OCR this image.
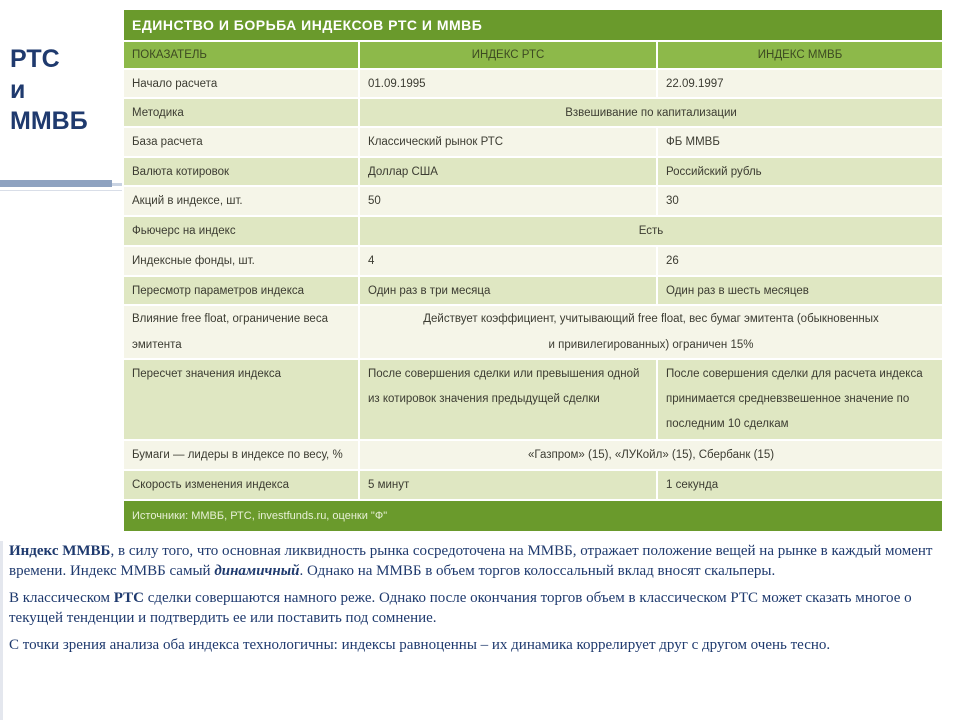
РТС
и
ММВБ
ЕДИНСТВО И БОРЬБА ИНДЕКСОВ РТС И ММВБ		
ПОКАЗАТЕЛЬ	ИНДЕКС РТС	ИНДЕКС ММВБ
Начало расчета	01.09.1995	22.09.1997
Методика	Взвешивание по капитализации	
База расчета	Классический рынок РТС	ФБ ММВБ
Валюта котировок	Доллар США	Российский рубль
Акций в индексе, шт.	50	30
Фьючерс на индекс	Есть	
Индексные фонды, шт.	4	26
Пересмотр параметров индекса	Один раз в три месяца	Один раз в шесть месяцев
Влияние free float, ограничение веса эмитента	Действует коэффициент, учитывающий free float, вес бумаг эмитента (обыкновенных и привилегированных) ограничен 15%	
Пересчет значения индекса	После совершения сделки или превышения одной из котировок значения предыдущей сделки	После совершения сделки для расчета индекса принимается средневзвешенное значение по последним 10 сделкам
Бумаги — лидеры в индексе по весу, %	«Газпром» (15), «ЛУКойл» (15), Сбербанк (15)	
Скорость изменения индекса	5 минут	1 секунда
Источники: ММВБ, РТС, investfunds.ru, оценки "Ф"		

Индекс ММВБ, в силу того, что основная ликвидность рынка сосредоточена на ММВБ, отражает положение вещей на рынке в каждый момент времени. Индекс ММВБ самый динамичный. Однако на ММВБ в объем торгов колоссальный вклад вносят скальперы.

В классическом РТС сделки совершаются намного реже. Однако после окончания торгов объем в классическом РТС может сказать многое о текущей тенденции и подтвердить ее или поставить под сомнение.

С точки зрения анализа оба индекса технологичны: индексы равноценны – их динамика коррелирует друг с другом очень тесно.
